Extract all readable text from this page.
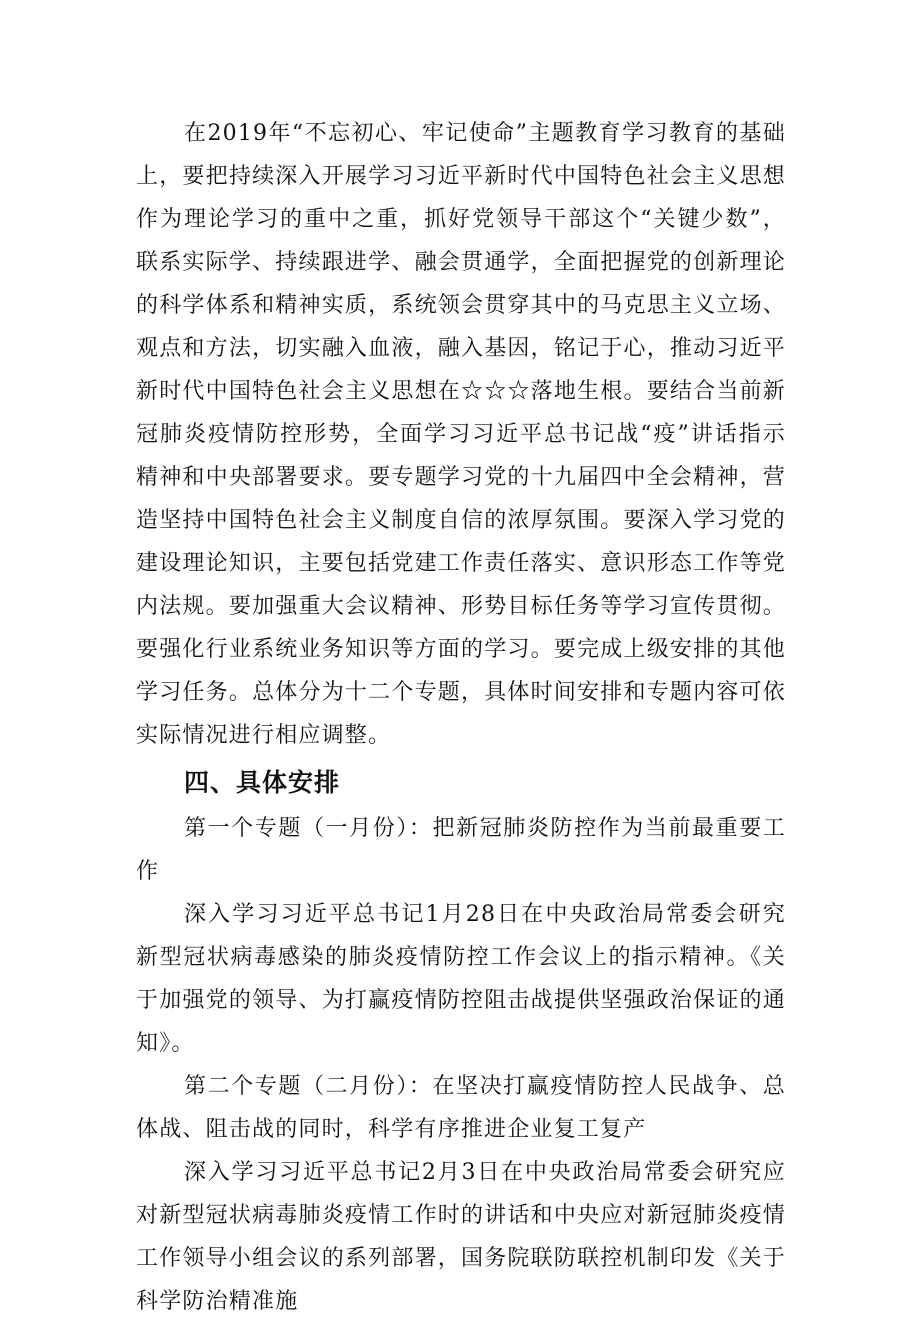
在2019年“不忘初心、牢记使命”主题教育学习教育的基础上，要把持续深入开展学习习近平新时代中国特色社会主义思想作为理论学习的重中之重，抓好党领导干部这个“关键少数”，联系实际学、持续跟进学、融会贯通学，全面把握党的创新理论的科学体系和精神实质，系统领会贯穿其中的马克思主义立场、观点和方法，切实融入血液，融入基因，铭记于心，推动习近平新时代中国特色社会主义思想在☆☆☆落地生根。要结合当前新冠肺炎疫情防控形势，全面学习习近平总书记战“疫”讲话指示精神和中央部署要求。要专题学习党的十九届四中全会精神，营造坚持中国特色社会主义制度自信的浓厚氛围。要深入学习党的建设理论知识，主要包括党建工作责任落实、意识形态工作等党内法规。要加强重大会议精神、形势目标任务等学习宣传贯彻。要强化行业系统业务知识等方面的学习。要完成上级安排的其他学习任务。总体分为十二个专题，具体时间安排和专题内容可依实际情况进行相应调整。

四、具体安排

第一个专题（一月份）：把新冠肺炎防控作为当前最重要工作

深入学习习近平总书记1月28日在中央政治局常委会研究新型冠状病毒感染的肺炎疫情防控工作会议上的指示精神。《关于加强党的领导、为打赢疫情防控阻击战提供坚强政治保证的通知》。

第二个专题（二月份）：在坚决打赢疫情防控人民战争、总体战、阻击战的同时，科学有序推进企业复工复产

深入学习习近平总书记2月3日在中央政治局常委会研究应对新型冠状病毒肺炎疫情工作时的讲话和中央应对新冠肺炎疫情工作领导小组会议的系列部署，国务院联防联控机制印发《关于科学防治精准施
